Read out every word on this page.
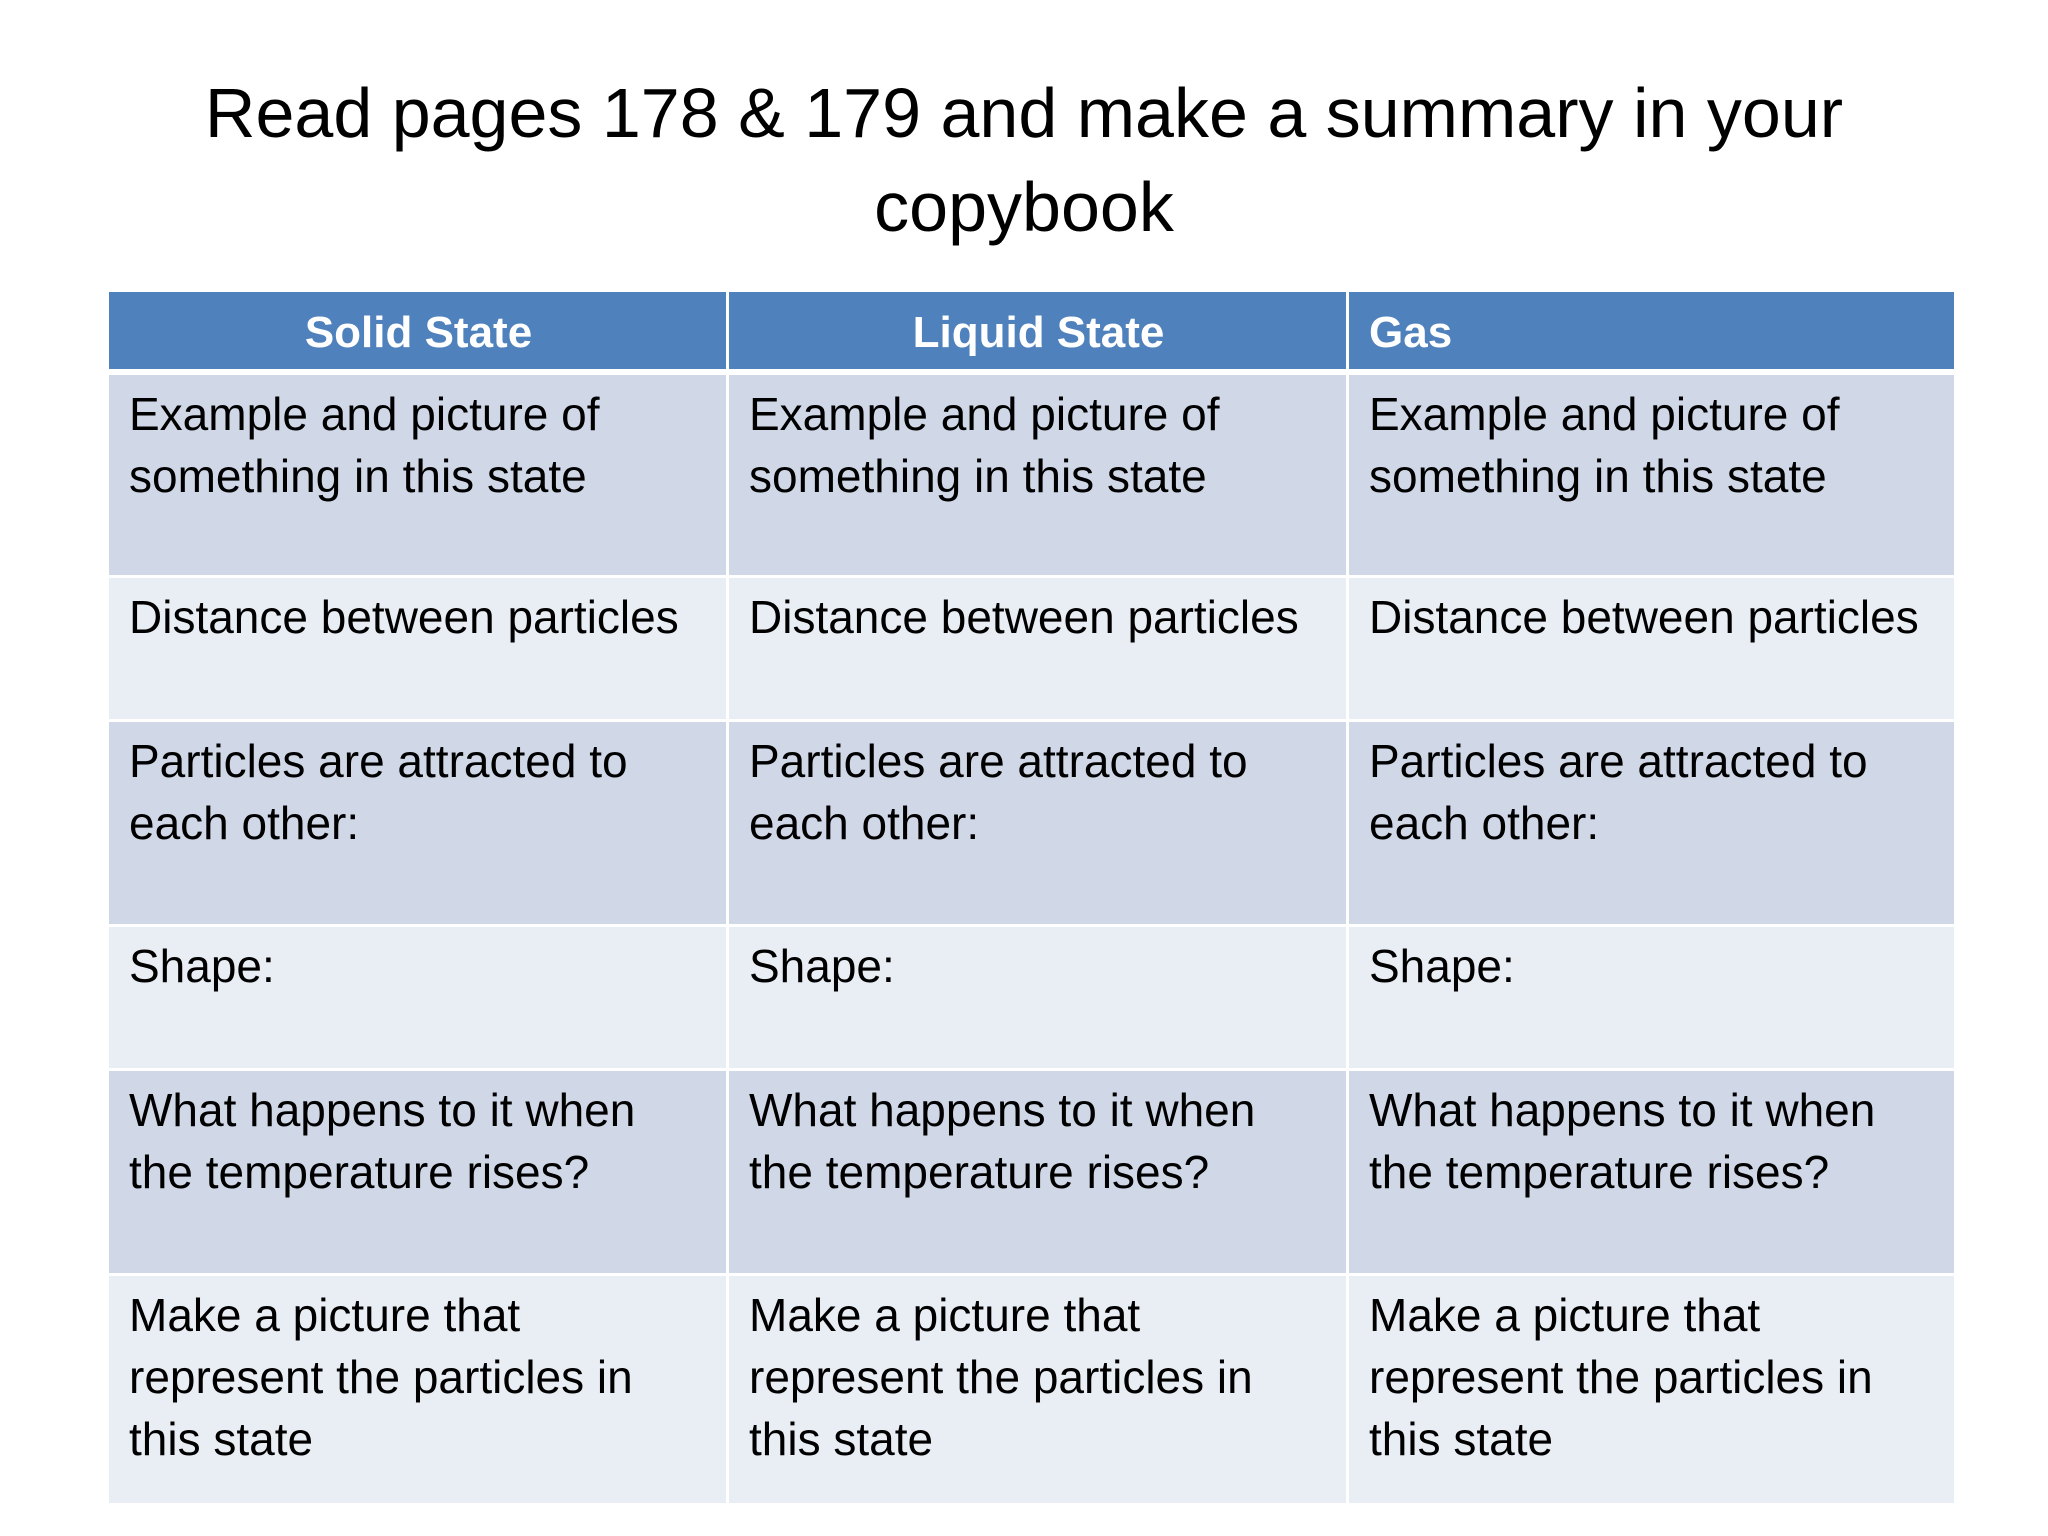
Read pages 178 & 179 and make a summary in your copybook
Solid State	Liquid State	Gas
Example and picture of something in this state	Example and picture of something in this state	Example and picture of something in this state
Distance between particles	Distance between particles	Distance between particles
Particles are attracted to each other:	Particles are attracted to each other:	Particles are attracted to each other:
Shape:	Shape:	Shape:
What happens to it when the temperature rises?	What happens to it when the temperature rises?	What happens to it when the temperature rises?
Make a picture that represent the particles in this state	Make a picture that represent the particles in this state	Make a picture that represent the particles in this state
